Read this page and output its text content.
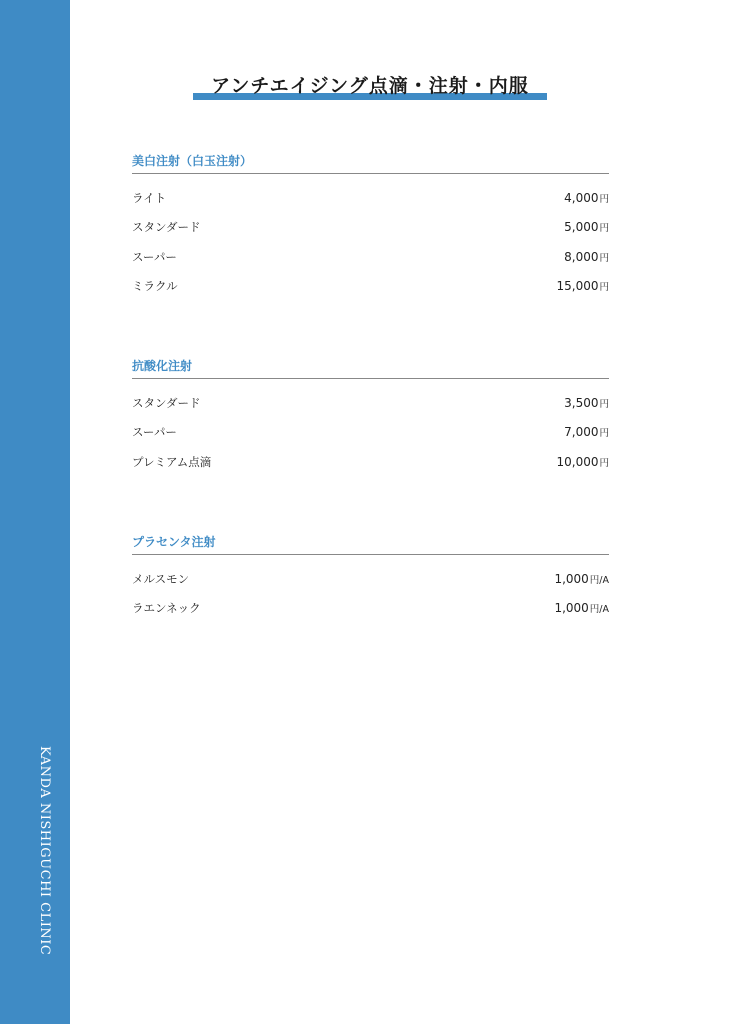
KANDA NISHIGUCHI CLINIC
アンチエイジング点滴・注射・内服
美白注射（白玉注射）
ライト	4,000円
スタンダード	5,000円
スーパー	8,000円
ミラクル	15,000円
抗酸化注射
スタンダード	3,500円
スーパー	7,000円
プレミアム点滴	10,000円
プラセンタ注射
メルスモン	1,000円/A
ラエンネック	1,000円/A
